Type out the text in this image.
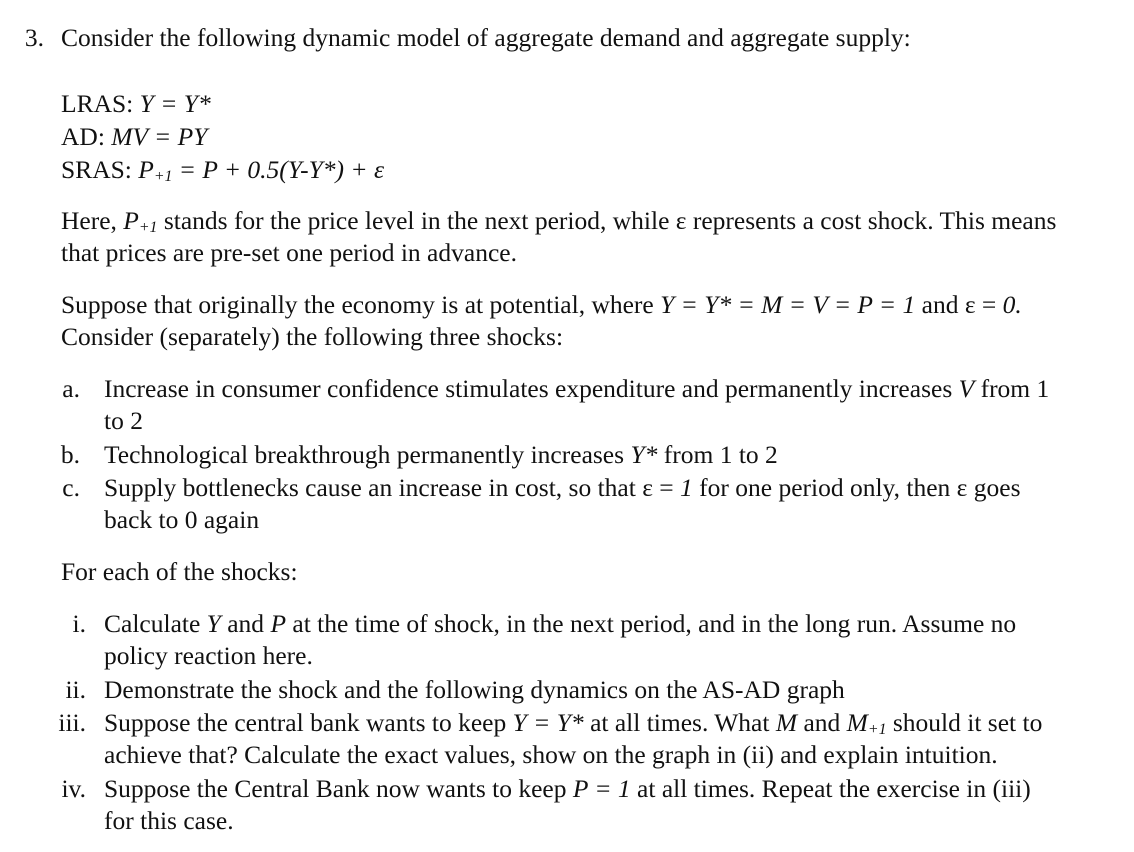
3. Consider the following dynamic model of aggregate demand and aggregate supply:
LRAS: Y = Y*
AD: MV = PY
SRAS: $P_{+1} = P + 0.5(Y-Y*) + \varepsilon$
Here, $P_{+1}$ stands for the price level in the next period, while ε represents a cost shock. This means
that prices are pre-set one period in advance.
Suppose that originally the economy is at potential, where Y = Y* = M = V = P = 1 and ε = 0.
Consider (separately) the following three shocks:
a. Increase in consumer confidence stimulates expenditure and permanently increases V from 1
to 2
b. Technological breakthrough permanently increases Y* from 1 to 2
c. Supply bottlenecks cause an increase in cost, so that ε = 1 for one period only, then ε goes
back to 0 again
For each of the shocks:
i. Calculate Y and P at the time of shock, in the next period, and in the long run. Assume no
policy reaction here.
ii. Demonstrate the shock and the following dynamics on the AS-AD graph
iii. Suppose the central bank wants to keep Y = Y* at all times. What M and $M_{+1}$ should it set to
achieve that? Calculate the exact values, show on the graph in (ii) and explain intuition.
iv. Suppose the Central Bank now wants to keep P = 1 at all times. Repeat the exercise in (iii)
for this case.
